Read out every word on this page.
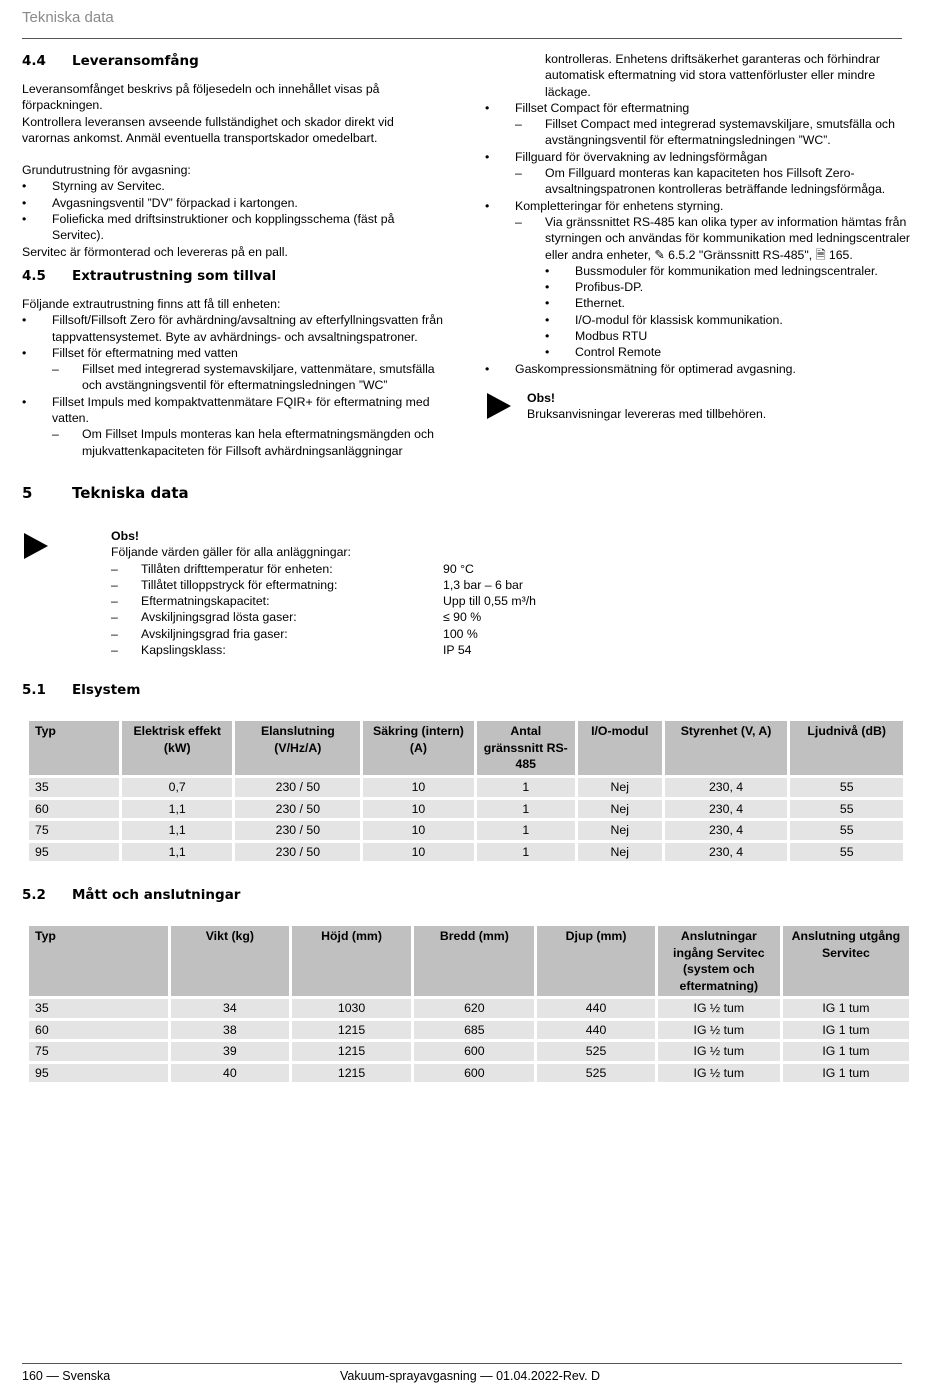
Tekniska data
4.4 Leveransomfång

Leveransomfånget beskrivs på följesedeln och innehållet visas på förpackningen.

Kontrollera leveransen avseende fullständighet och skador direkt vid varornas ankomst. Anmäl eventuella transportskador omedelbart.

Grundutrustning för avgasning:

• Styrning av Servitec.
• Avgasningsventil ”DV” förpackad i kartongen.
• Folieficka med driftsinstruktioner och kopplingsschema (fäst på Servitec).

Servitec är förmonterad och levereras på en pall.

4.5 Extrautrustning som tillval

Följande extrautrustning finns att få till enheten:

• Fillsoft/Fillsoft Zero för avhärdning/avsaltning av efterfyllningsvatten från tappvattensystemet. Byte av avhärdnings- och avsaltningspatroner.
• Fillset för eftermatning med vatten
– Fillset med integrerad systemavskiljare, vattenmätare, smutsfälla och avstängningsventil för eftermatningsledningen ”WC”
• Fillset Impuls med kompaktvattenmätare FQIR+ för eftermatning med vatten.
– Om Fillset Impuls monteras kan hela eftermatningsmängden och mjukvattenkapaciteten för Fillsoft avhärdningsanläggningar
kontrolleras. Enhetens driftsäkerhet garanteras och förhindrar automatisk eftermatning vid stora vattenförluster eller mindre läckage.
• Fillset Compact för eftermatning
– Fillset Compact med integrerad systemavskiljare, smutsfälla och avstängningsventil för eftermatningsledningen ”WC”.
• Fillguard för övervakning av ledningsförmågan
– Om Fillguard monteras kan kapaciteten hos Fillsoft Zero-avsaltningspatronen kontrolleras beträffande ledningsförmåga.
• Kompletteringar för enhetens styrning.
– Via gränssnittet RS-485 kan olika typer av information hämtas från styrningen och användas för kommunikation med ledningscentraler eller andra enheter, ✎ 6.5.2 "Gränssnitt RS-485", 🗎 165.
• Bussmoduler för kommunikation med ledningscentraler.
• Profibus-DP.
• Ethernet.
• I/O-modul för klassisk kommunikation.
• Modbus RTU
• Control Remote
• Gaskompressionsmätning för optimerad avgasning.
Obs!
Bruksanvisningar levereras med tillbehören.
5	Tekniska data
Obs!
Följande värden gäller för alla anläggningar:
– Tillåten drifttemperatur för enheten:	90 °C
– Tillåtet tilloppstryck för eftermatning:	1,3 bar – 6 bar
– Eftermatningskapacitet:	Upp till 0,55 m³/h
– Avskiljningsgrad lösta gaser:	≤ 90 %
– Avskiljningsgrad fria gaser:	100 %
– Kapslingsklass:	IP 54
5.1 Elsystem
Typ	Elektrisk effekt (kW)	Elanslutning (V/Hz/A)	Säkring (intern) (A)	Antal gränssnitt RS-485	I/O-modul	Styrenhet (V, A)	Ljudnivå (dB)
35	0,7	230 / 50	10	1	Nej	230, 4	55
60	1,1	230 / 50	10	1	Nej	230, 4	55
75	1,1	230 / 50	10	1	Nej	230, 4	55
95	1,1	230 / 50	10	1	Nej	230, 4	55
5.2 Mått och anslutningar
Typ	Vikt (kg)	Höjd (mm)	Bredd (mm)	Djup (mm)	Anslutningar ingång Servitec (system och eftermatning)	Anslutning utgång Servitec
35	34	1030	620	440	IG ½ tum	IG 1 tum
60	38	1215	685	440	IG ½ tum	IG 1 tum
75	39	1215	600	525	IG ½ tum	IG 1 tum
95	40	1215	600	525	IG ½ tum	IG 1 tum
160 — Svenska	Vakuum-sprayavgasning — 01.04.2022-Rev. D
